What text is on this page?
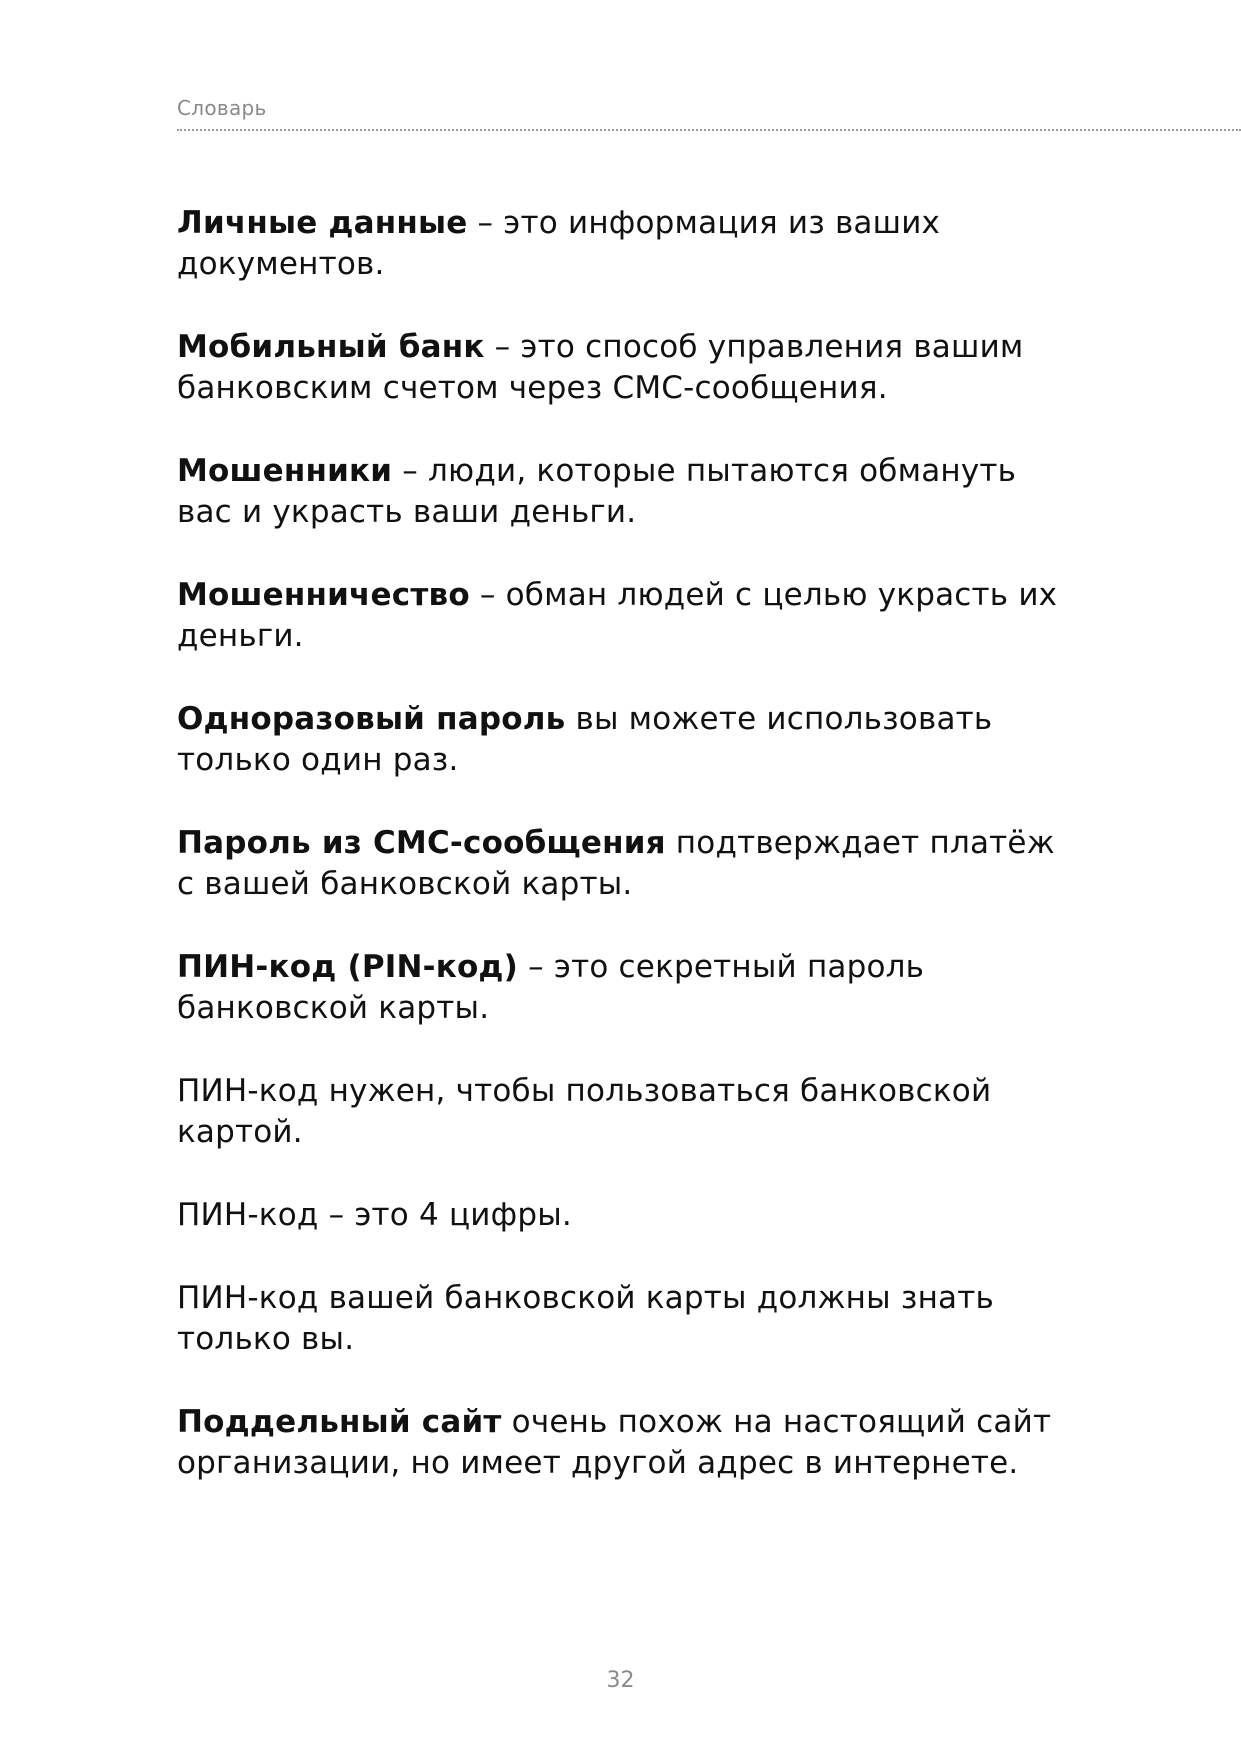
Словарь

Личные данные – это информация из ваших документов.

Мобильный банк – это способ управления вашим банковским счетом через СМС-сообщения.

Мошенники – люди, которые пытаются обмануть вас и украсть ваши деньги.

Мошенничество – обман людей с целью украсть их деньги.

Одноразовый пароль вы можете использовать только один раз.

Пароль из СМС-сообщения подтверждает платёж с вашей банковской карты.

ПИН-код (PIN-код) – это секретный пароль банковской карты.

ПИН-код нужен, чтобы пользоваться банковской картой.

ПИН-код – это 4 цифры.

ПИН-код вашей банковской карты должны знать только вы.

Поддельный сайт очень похож на настоящий сайт организации, но имеет другой адрес в интернете.

32
